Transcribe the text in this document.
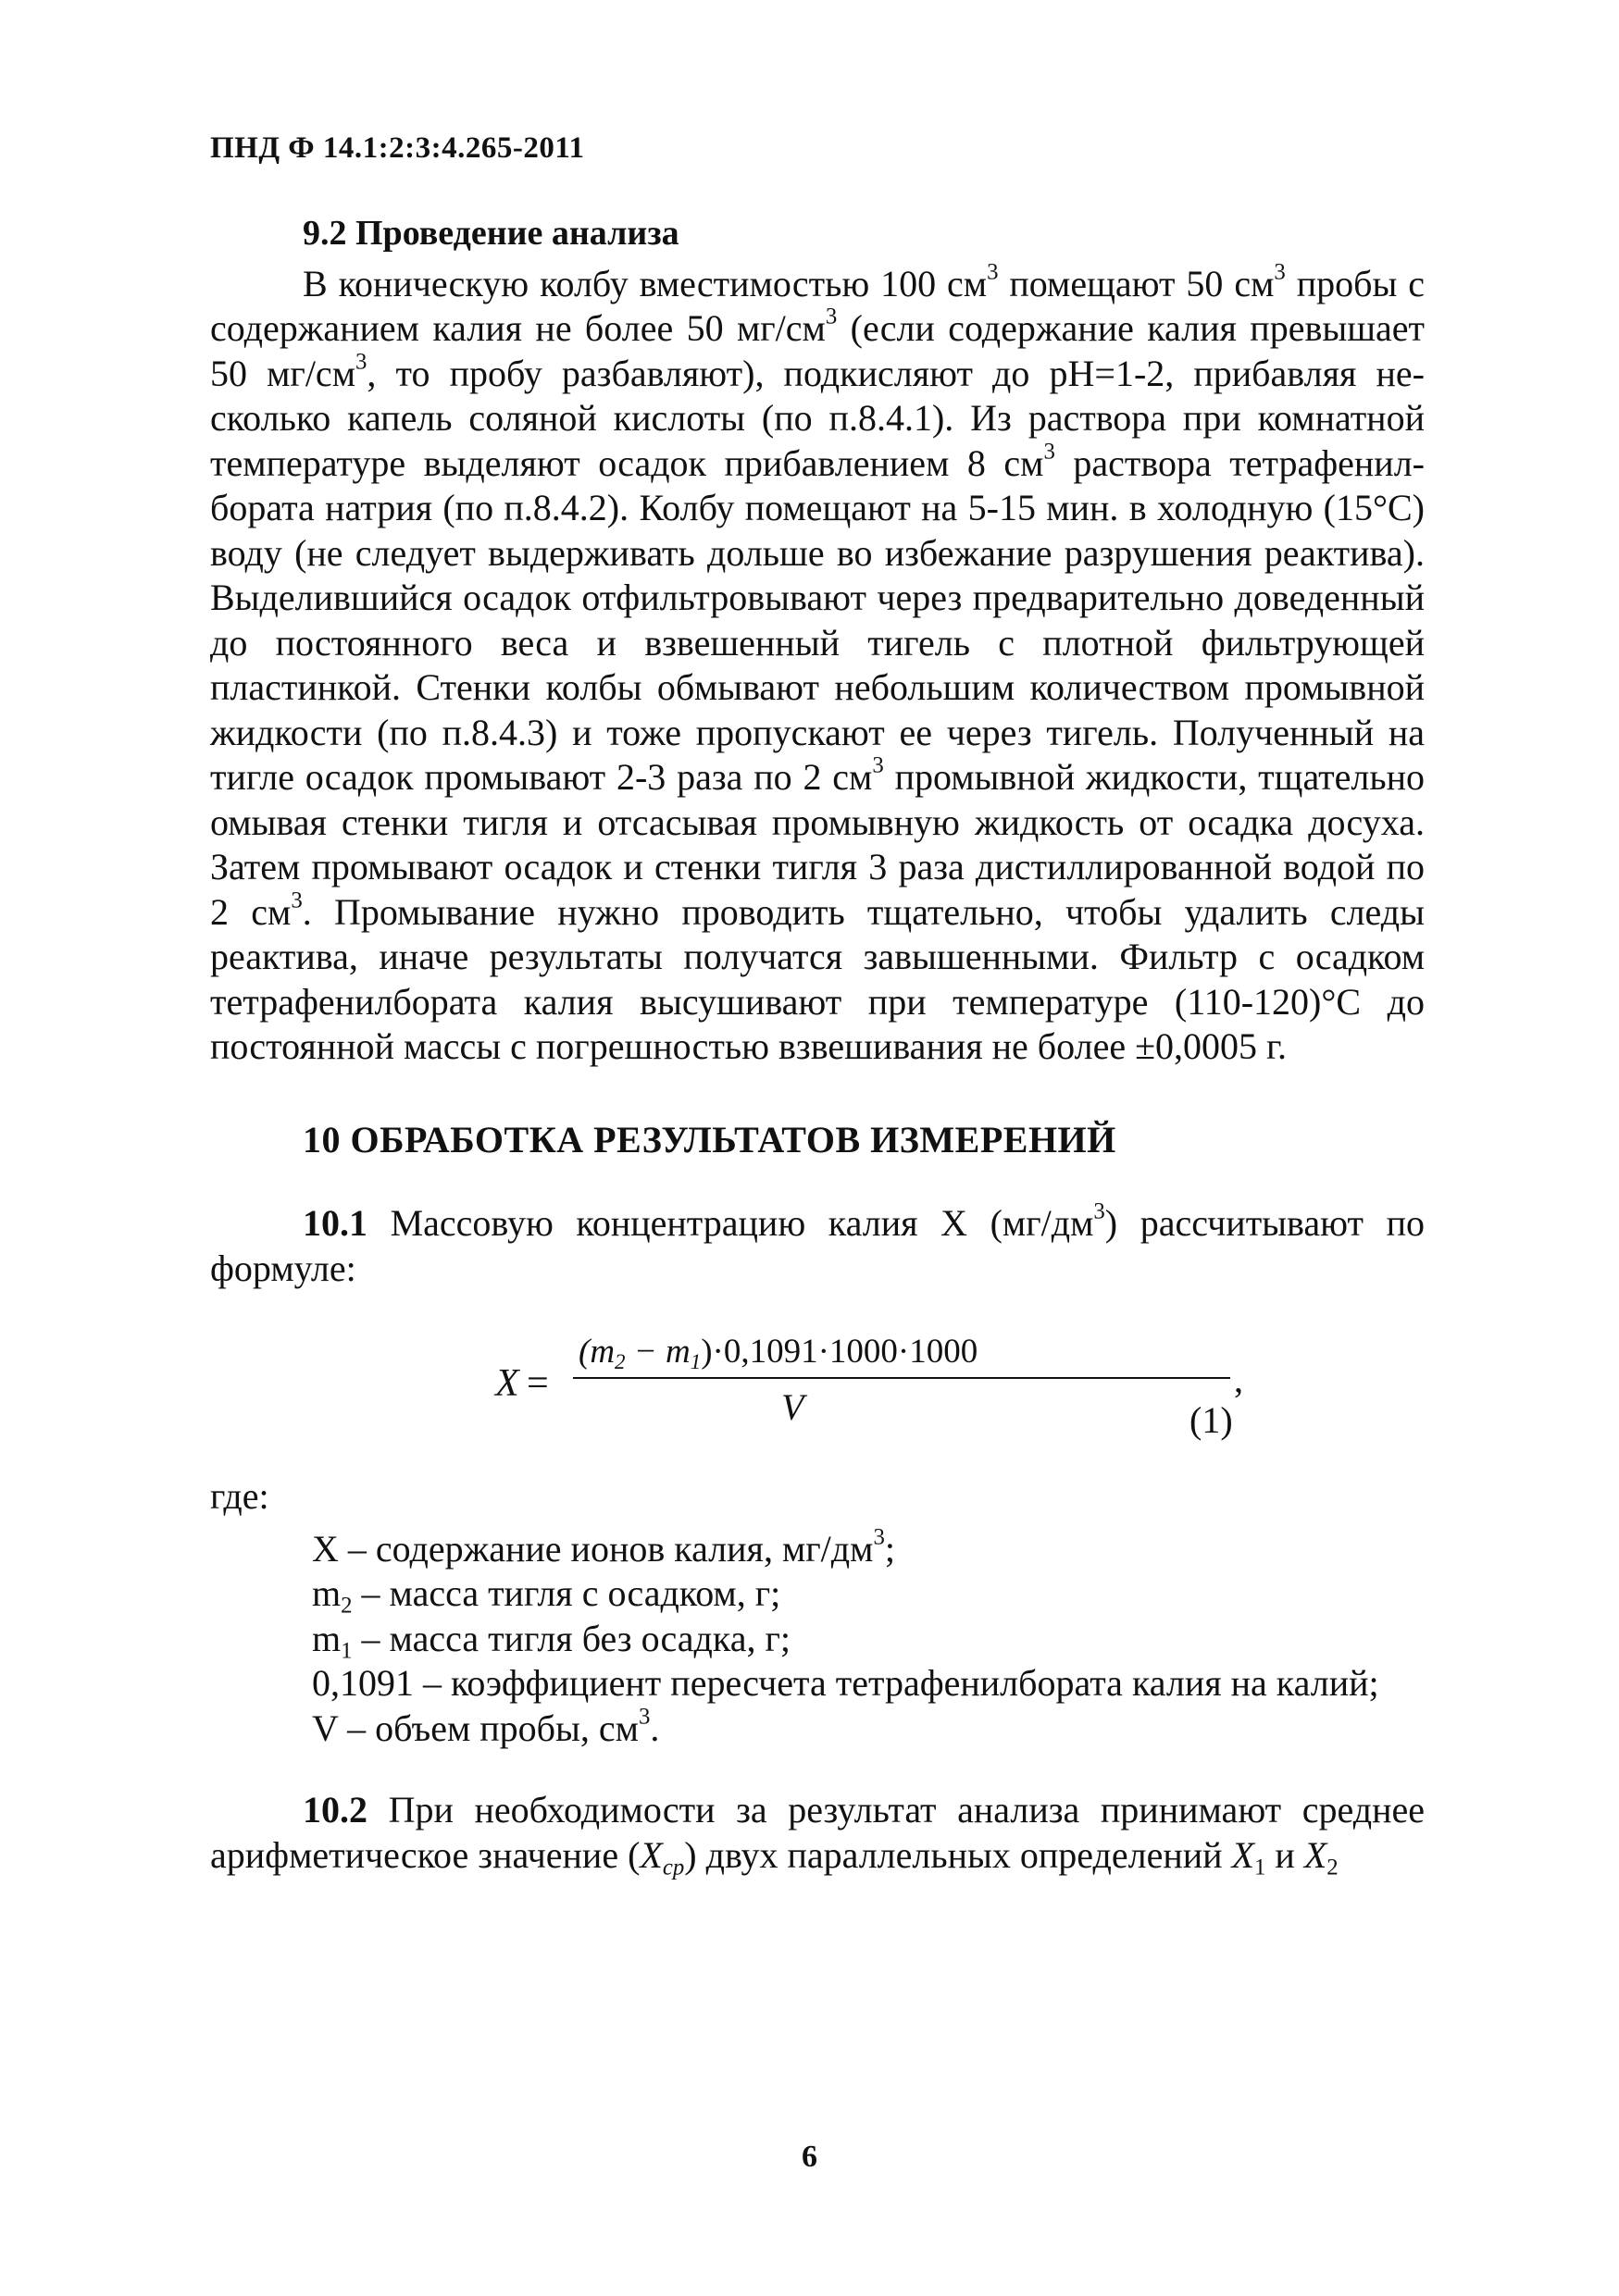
ПНД Ф 14.1:2:3:4.265-2011
9.2 Проведение анализа

В коническую колбу вместимостью 100 $см^3$ помещают 50 $см^3$ пробы с содержанием калия не более 50 $мг/см^3$ (если содержание калия превышает 50 $мг/см^3$, то пробу разбавляют), подкисляют до pH=1-2, прибавляя несколько капель соляной кислоты (по п.8.4.1). Из раствора при комнатной температуре выделяют осадок прибавлением 8 $см^3$ раствора тетрафенилбората натрия (по п.8.4.2). Колбу помещают на 5-15 мин. в холодную (15°С) воду (не следует выдерживать дольше во избежание разрушения реактива). Выделившийся осадок отфильтровывают через предварительно доведенный до постоянного веса и взвешенный тигель с плотной фильтрующей пластинкой. Стенки колбы обмывают небольшим количеством промывной жидкости (по п.8.4.3) и тоже пропускают ее через тигель. Полученный на тигле осадок промывают 2-3 раза по 2 $см^3$ промывной жидкости, тщательно омывая стенки тигля и отсасывая промывную жидкость от осадка досуха. Затем промывают осадок и стенки тигля 3 раза дистиллированной водой по 2 $см^3$. Промывание нужно проводить тщательно, чтобы удалить следы реактива, иначе результаты получатся завышенными. Фильтр с осадком тетрафенилбората калия высушивают при температуре (110-120)°С до постоянной массы с погрешностью взвешивания не более ±0,0005 г.

10 ОБРАБОТКА РЕЗУЛЬТАТОВ ИЗМЕРЕНИЙ

10.1 Массовую концентрацию калия X $(мг/дм^3)$ рассчитывают по формуле:

X =
$(m_2 - m_1)\cdot 0,1091\cdot 1000\cdot 1000$
V
,

где:

X – содержание ионов калия, $мг/дм^3$;

$m_2$ – масса тигля с осадком, г;

$m_1$ – масса тигля без осадка, г;

0,1091 – коэффициент пересчета тетрафенилбората калия на калий;

V – объем пробы, $см^3$.

10.2 При необходимости за результат анализа принимают среднее арифметическое значение $(X_{ср})$ двух параллельных определений $X_1$ и $X_2$

(1)
6
